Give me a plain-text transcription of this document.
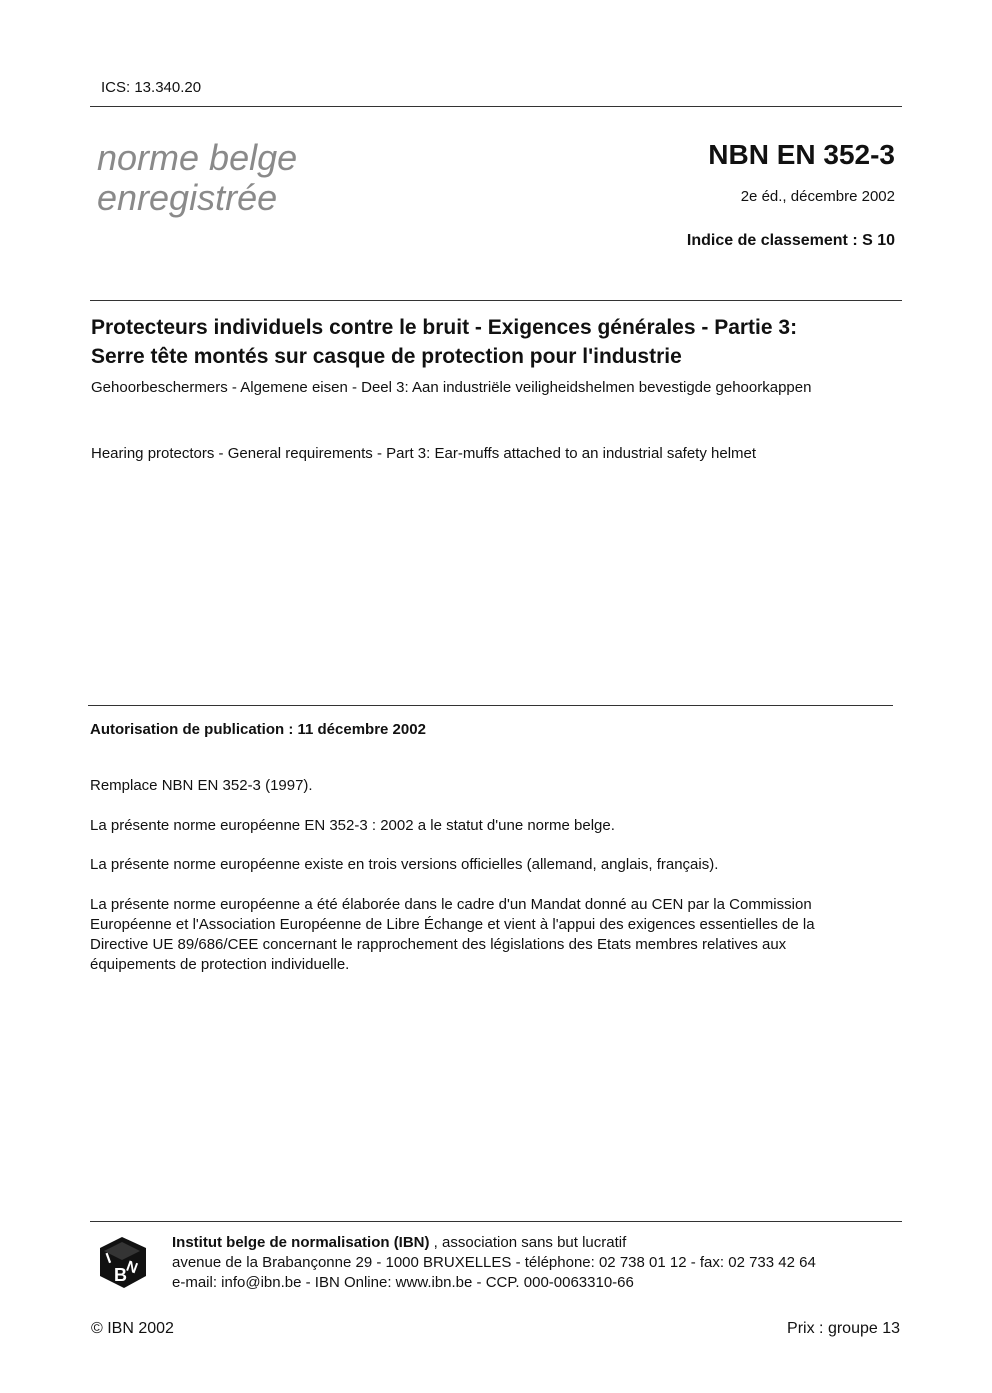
ICS: 13.340.20
norme belge
enregistrée
NBN EN 352-3
2e éd., décembre 2002
Indice de classement : S 10
Protecteurs individuels contre le bruit - Exigences générales - Partie 3:
Serre tête montés sur casque de protection pour l'industrie
Gehoorbeschermers - Algemene eisen - Deel 3: Aan industriële veiligheidshelmen bevestigde gehoorkappen
Hearing protectors - General requirements - Part 3: Ear-muffs attached to an industrial safety helmet
Autorisation de publication : 11 décembre 2002
Remplace NBN EN 352-3 (1997).
La présente norme européenne EN 352-3 : 2002 a le statut d'une norme belge.
La présente norme européenne existe en trois versions officielles (allemand, anglais, français).
La présente norme européenne a été élaborée dans le cadre d'un Mandat donné au CEN par la Commission
Européenne et l'Association Européenne de Libre Échange et vient à l'appui des exigences essentielles de la
Directive UE 89/686/CEE concernant le rapprochement des législations des Etats membres relatives aux
équipements de protection individuelle.
I
B
N
Institut belge de normalisation (IBN) , association sans but lucratif
avenue de la Brabançonne 29 - 1000 BRUXELLES - téléphone: 02 738 01 12 - fax: 02 733 42 64
e-mail: info@ibn.be - IBN Online: www.ibn.be - CCP. 000-0063310-66
© IBN 2002	Prix : groupe 13
